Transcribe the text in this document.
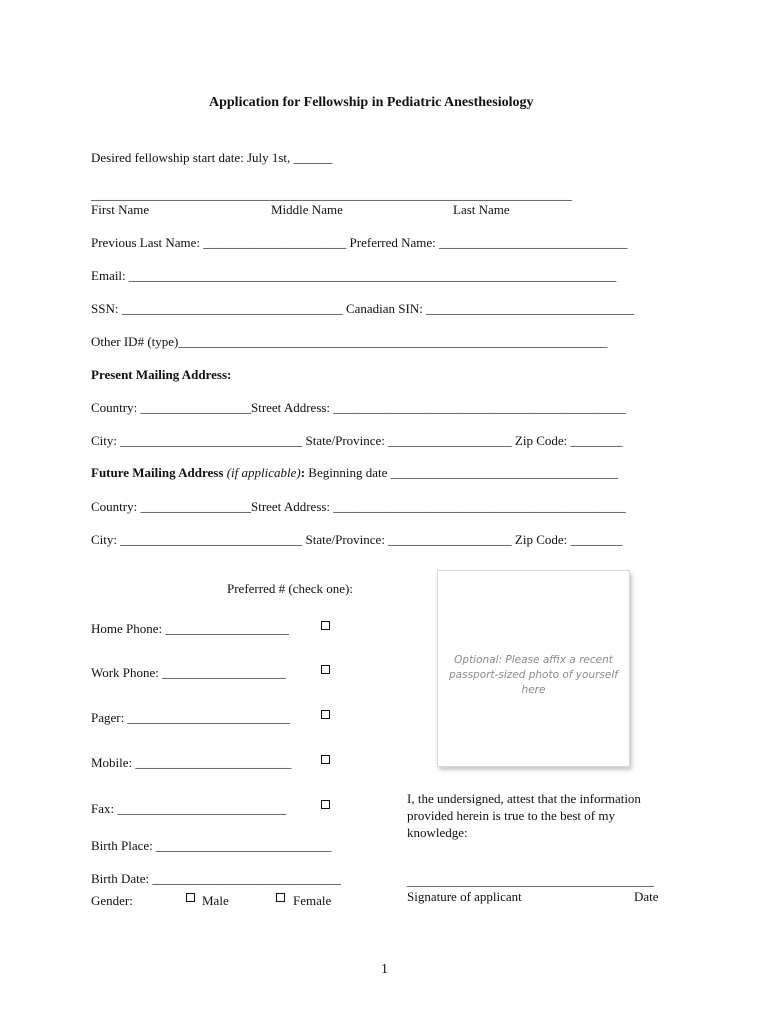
Application for Fellowship in Pediatric Anesthesiology
Desired fellowship start date: July 1st, ______
__________________________________________________________________________
First Name	Middle Name	Last Name
Previous Last Name: ______________________ Preferred Name: _____________________________
Email: ___________________________________________________________________________
SSN: __________________________________ Canadian SIN: ________________________________
Other ID# (type)__________________________________________________________________
Present Mailing Address:
Country: _________________Street Address: _____________________________________________
City: ____________________________ State/Province: ___________________ Zip Code: ________
Future Mailing Address (if applicable): Beginning date ___________________________________
Country: _________________Street Address: _____________________________________________
City: ____________________________ State/Province: ___________________ Zip Code: ________
Preferred # (check one):
Home Phone: ___________________
Work Phone: ___________________
Pager: _________________________
Mobile: ________________________
Fax: __________________________
Optional: Please affix a recent passport-sized photo of yourself here
I, the undersigned, attest that the information provided herein is true to the best of my knowledge:
Birth Place: ___________________________
Birth Date: _____________________________
Gender:	Male	Female
______________________________________
Signature of applicant	Date
1
